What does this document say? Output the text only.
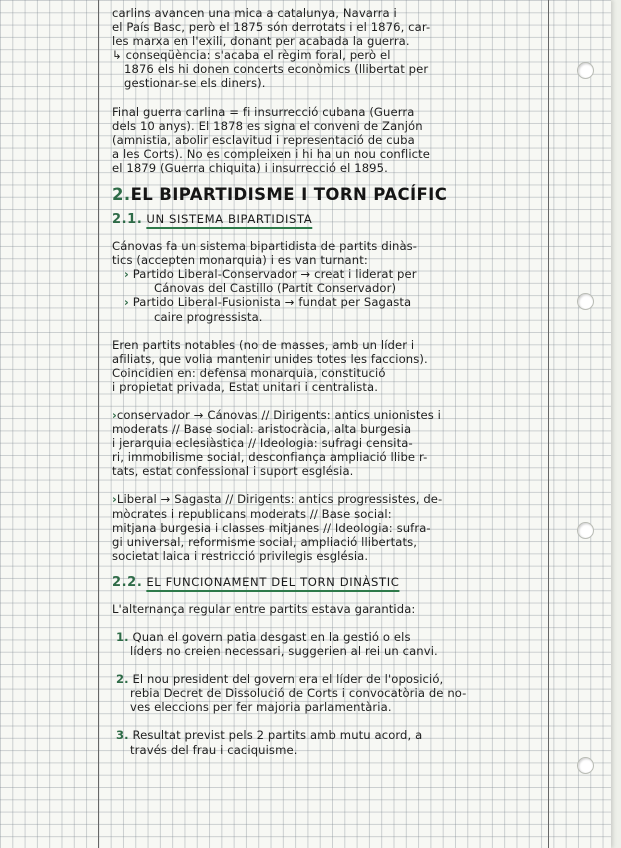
carlins avancen una mica a catalunya, Navarra i

el País Basc, però el 1875 són derrotats i el 1876, car-

les marxa en l'exili, donant per acabada la guerra.

↳ conseqüència: s'acaba el règim foral, però el

1876 els hi donen concerts econòmics (llibertat per

gestionar-se els diners).

Final guerra carlina = fi insurrecció cubana (Guerra

dels 10 anys). El 1878 es signa el conveni de Zanjón

(amnistia, abolir esclavitud i representació de cuba

a les Corts). No es compleixen i hi ha un nou conflicte

el 1879 (Guerra chiquita) i insurrecció el 1895.

2.EL BIPARTIDISME I TORN PACÍFIC
2.1. UN SISTEMA BIPARTIDISTA

Cánovas fa un sistema bipartidista de partits dinàs-

tics (accepten monarquia) i es van turnant:

› Partido Liberal-Conservador → creat i liderat per

Cánovas del Castillo (Partit Conservador)

› Partido Liberal-Fusionista → fundat per Sagasta

caire progressista.

Eren partits notables (no de masses, amb un líder i

afiliats, que volia mantenir unides totes les faccions).

Coincidien en: defensa monarquia, constitució

i propietat privada, Estat unitari i centralista.

›conservador → Cánovas // Dirigents: antics unionistes i

moderats // Base social: aristocràcia, alta burgesia

i jerarquia eclesiàstica // Ideologia: sufragi censita-

ri, immobilisme social, desconfiança ampliació llibe r-

tats, estat confessional i suport església.

›Liberal → Sagasta // Dirigents: antics progressistes, de-

mòcrates i republicans moderats // Base social:

mitjana burgesia i classes mitjanes // Ideologia: sufra-

gi universal, reformisme social, ampliació llibertats,

societat laica i restricció privilegis església.

2.2. EL FUNCIONAMENT DEL TORN DINÀSTIC

L'alternança regular entre partits estava garantida:

1. Quan el govern patia desgast en la gestió o els

líders no creien necessari, suggerien al rei un canvi.

2. El nou president del govern era el líder de l'oposició,

rebia Decret de Dissolució de Corts i convocatòria de no-

ves eleccions per fer majoria parlamentària.

3. Resultat previst pels 2 partits amb mutu acord, a

través del frau i caciquisme.
